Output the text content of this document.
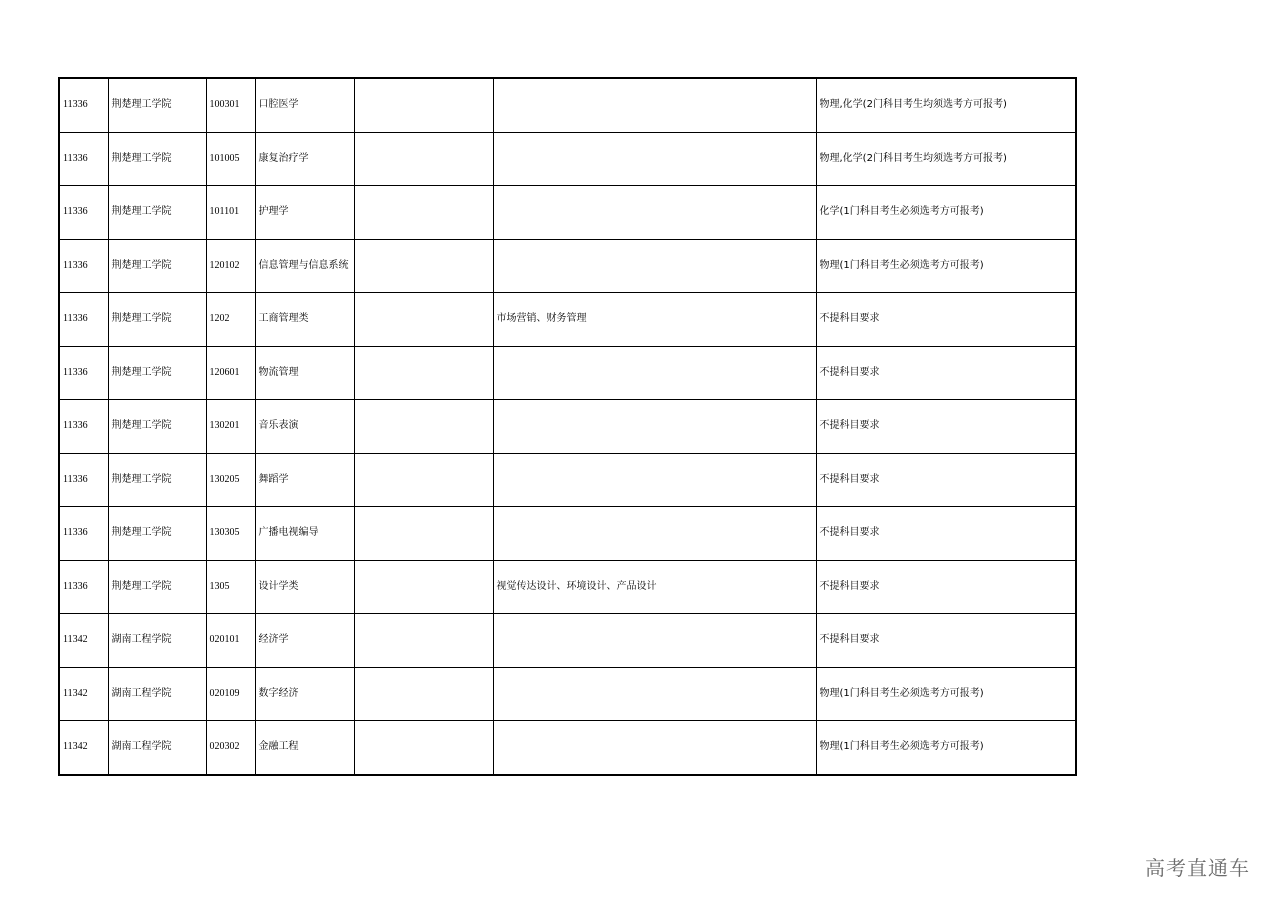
11336	荆楚理工学院	100301	口腔医学			物理,化学(2门科目考生均须选考方可报考)
11336	荆楚理工学院	101005	康复治疗学			物理,化学(2门科目考生均须选考方可报考)
11336	荆楚理工学院	101101	护理学			化学(1门科目考生必须选考方可报考)
11336	荆楚理工学院	120102	信息管理与信息系统			物理(1门科目考生必须选考方可报考)
11336	荆楚理工学院	1202	工商管理类		市场营销、财务管理	不提科目要求
11336	荆楚理工学院	120601	物流管理			不提科目要求
11336	荆楚理工学院	130201	音乐表演			不提科目要求
11336	荆楚理工学院	130205	舞蹈学			不提科目要求
11336	荆楚理工学院	130305	广播电视编导			不提科目要求
11336	荆楚理工学院	1305	设计学类		视觉传达设计、环境设计、产品设计	不提科目要求
11342	湖南工程学院	020101	经济学			不提科目要求
11342	湖南工程学院	020109	数字经济			物理(1门科目考生必须选考方可报考)
11342	湖南工程学院	020302	金融工程			物理(1门科目考生必须选考方可报考)
高考直通车
